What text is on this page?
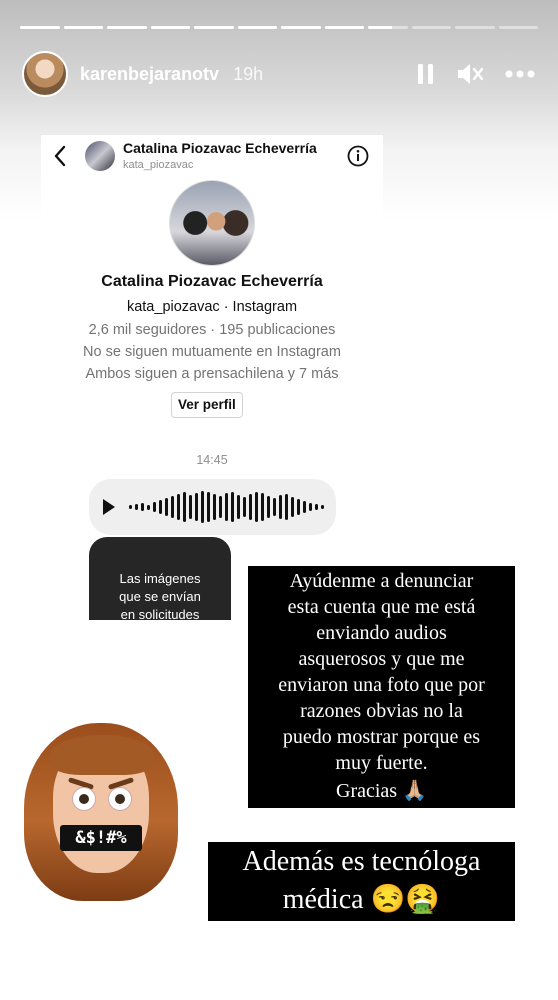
karenbejaranotv 19h
Catalina Piozavac Echeverría
kata_piozavac
Catalina Piozavac Echeverría
kata_piozavac · Instagram
2,6 mil seguidores · 195 publicaciones
No se siguen mutuamente en Instagram
Ambos siguen a prensachilena y 7 más
Ver perfil
14:45
Las imágenes
que se envían
en solicitudes
Ayúdenme a denunciar
esta cuenta que me está
enviando audios
asquerosos y que me
enviaron una foto que por
razones obvias no la
puedo mostrar porque es
muy fuerte.
Gracias 🙏🏼
Además es tecnóloga
médica 😒🤮
&$!#%
